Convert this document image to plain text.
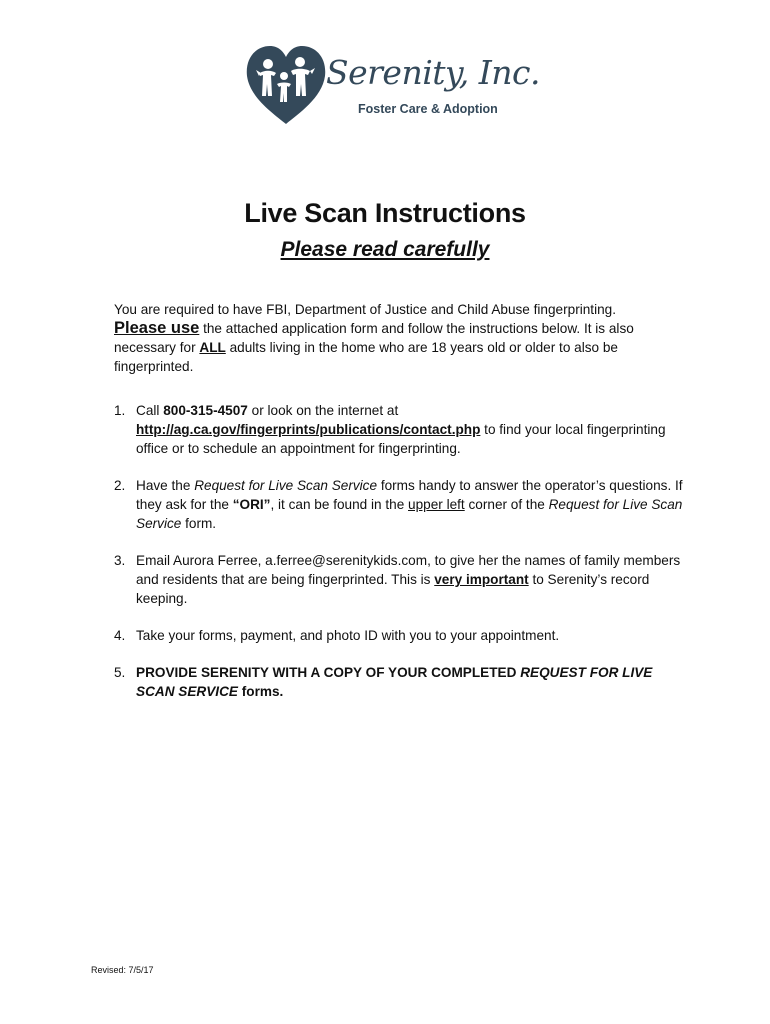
Serenity, Inc.
Foster Care & Adoption
Live Scan Instructions
Please read carefully
You are required to have FBI, Department of Justice and Child Abuse fingerprinting.
Please use the attached application form and follow the instructions below. It is also necessary for ALL adults living in the home who are 18 years old or older to also be fingerprinted.
1. Call 800-315-4507 or look on the internet at http://ag.ca.gov/fingerprints/publications/contact.php to find your local fingerprinting office or to schedule an appointment for fingerprinting.
2. Have the Request for Live Scan Service forms handy to answer the operator’s questions. If they ask for the “ORI”, it can be found in the upper left corner of the Request for Live Scan Service form.
3. Email Aurora Ferree, a.ferree@serenitykids.com, to give her the names of family members and residents that are being fingerprinted. This is very important to Serenity’s record keeping.
4. Take your forms, payment, and photo ID with you to your appointment.
5. PROVIDE SERENITY WITH A COPY OF YOUR COMPLETED REQUEST FOR LIVE SCAN SERVICE forms.
Revised: 7/5/17
